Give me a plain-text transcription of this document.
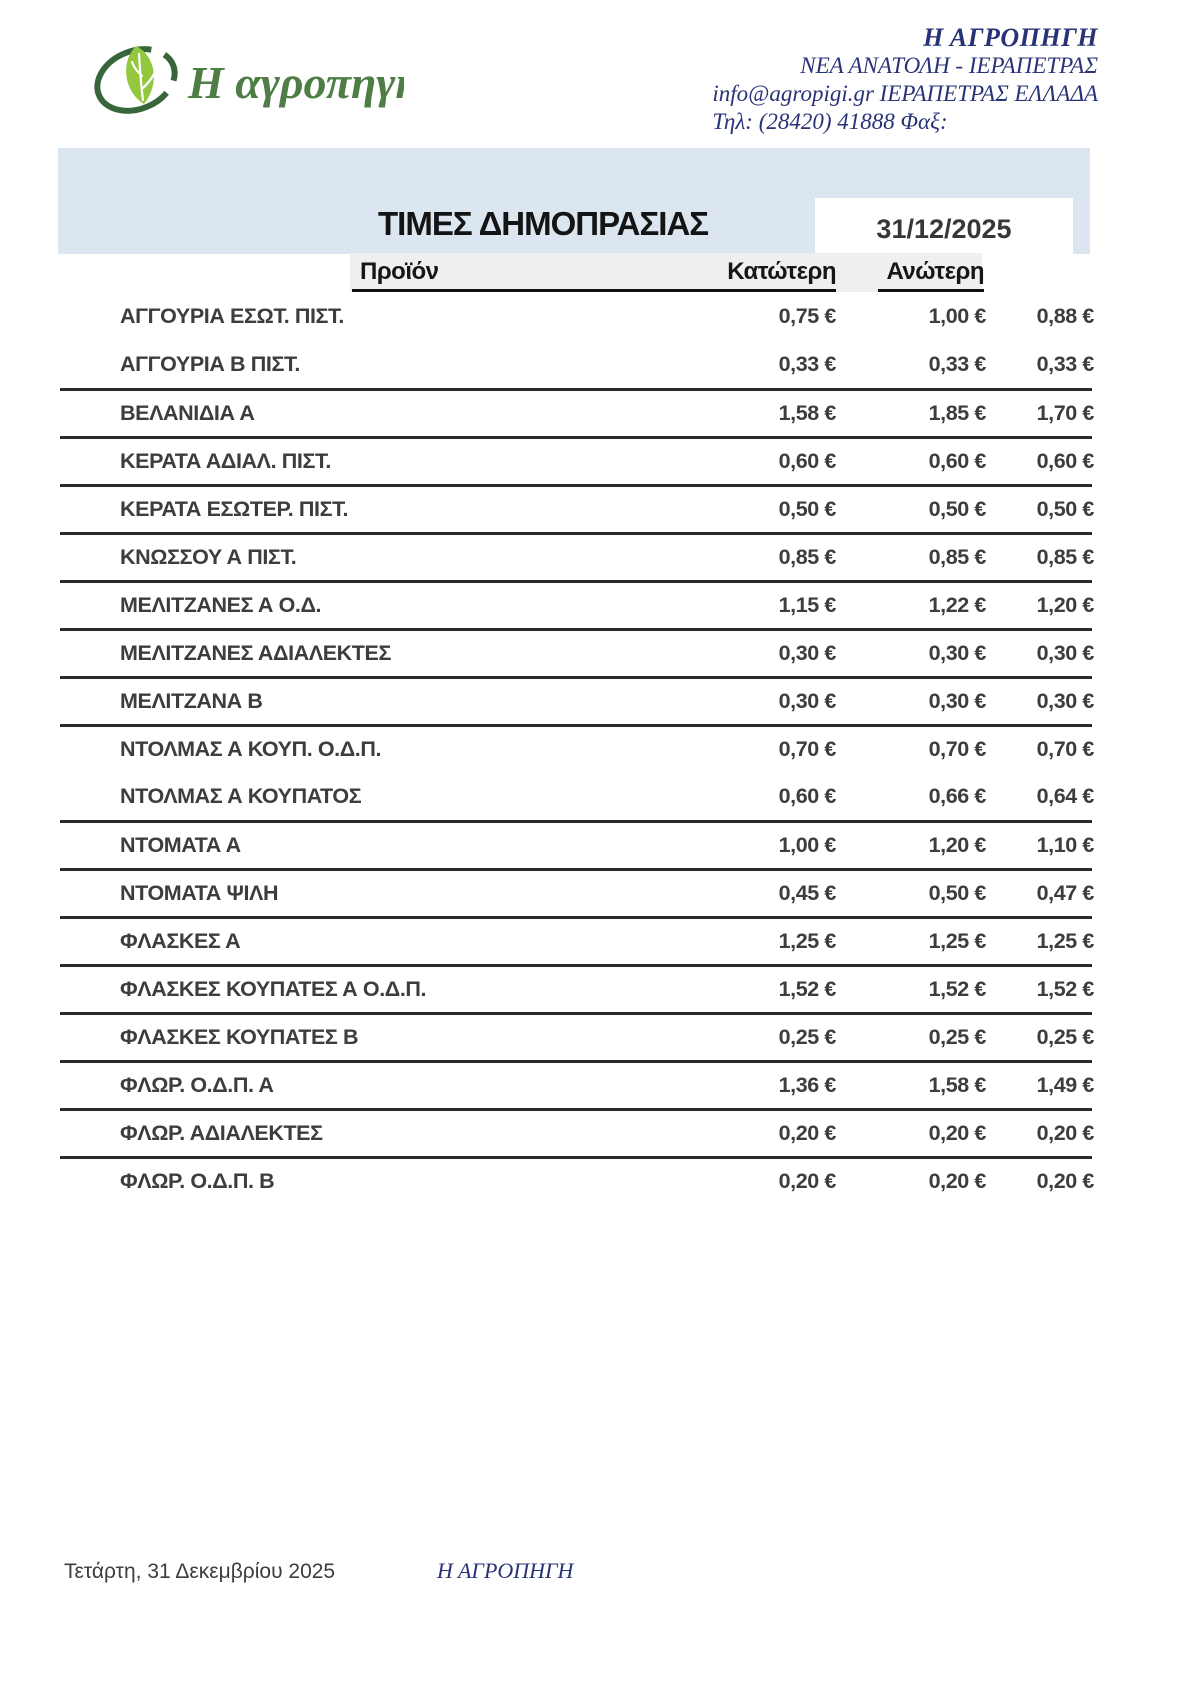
Η αγροπηγή
Η ΑΓΡΟΠΗΓΗ
ΝΕΑ ΑΝΑΤΟΛΗ - ΙΕΡΑΠΕΤΡΑΣ
info@agropigi.gr ΙΕΡΑΠΕΤΡΑΣ ΕΛΛΑΔΑ
Τηλ: (28420) 41888 Φαξ:
ΤΙΜΕΣ ΔΗΜΟΠΡΑΣΙΑΣ	31/12/2025
Προϊόν	Κατώτερη	Ανώτερη
ΑΓΓΟΥΡΙΑ ΕΣΩΤ. ΠΙΣΤ.	0,75 €	1,00 €	0,88 €
ΑΓΓΟΥΡΙΑ Β ΠΙΣΤ.	0,33 €	0,33 €	0,33 €
ΒΕΛΑΝΙΔΙΑ Α	1,58 €	1,85 €	1,70 €
ΚΕΡΑΤΑ ΑΔΙΑΛ. ΠΙΣΤ.	0,60 €	0,60 €	0,60 €
ΚΕΡΑΤΑ ΕΣΩΤΕΡ. ΠΙΣΤ.	0,50 €	0,50 €	0,50 €
ΚΝΩΣΣΟΥ Α ΠΙΣΤ.	0,85 €	0,85 €	0,85 €
ΜΕΛΙΤΖΑΝΕΣ Α Ο.Δ.	1,15 €	1,22 €	1,20 €
ΜΕΛΙΤΖΑΝΕΣ ΑΔΙΑΛΕΚΤΕΣ	0,30 €	0,30 €	0,30 €
ΜΕΛΙΤΖΑΝΑ Β	0,30 €	0,30 €	0,30 €
ΝΤΟΛΜΑΣ Α ΚΟΥΠ. Ο.Δ.Π.	0,70 €	0,70 €	0,70 €
ΝΤΟΛΜΑΣ Α ΚΟΥΠΑΤΟΣ	0,60 €	0,66 €	0,64 €
ΝΤΟΜΑΤΑ Α	1,00 €	1,20 €	1,10 €
ΝΤΟΜΑΤΑ ΨΙΛΗ	0,45 €	0,50 €	0,47 €
ΦΛΑΣΚΕΣ Α	1,25 €	1,25 €	1,25 €
ΦΛΑΣΚΕΣ ΚΟΥΠΑΤΕΣ Α Ο.Δ.Π.	1,52 €	1,52 €	1,52 €
ΦΛΑΣΚΕΣ ΚΟΥΠΑΤΕΣ Β	0,25 €	0,25 €	0,25 €
ΦΛΩΡ. Ο.Δ.Π. Α	1,36 €	1,58 €	1,49 €
ΦΛΩΡ. ΑΔΙΑΛΕΚΤΕΣ	0,20 €	0,20 €	0,20 €
ΦΛΩΡ. Ο.Δ.Π. Β	0,20 €	0,20 €	0,20 €
Τετάρτη, 31 Δεκεμβρίου 2025	Η ΑΓΡΟΠΗΓΗ
